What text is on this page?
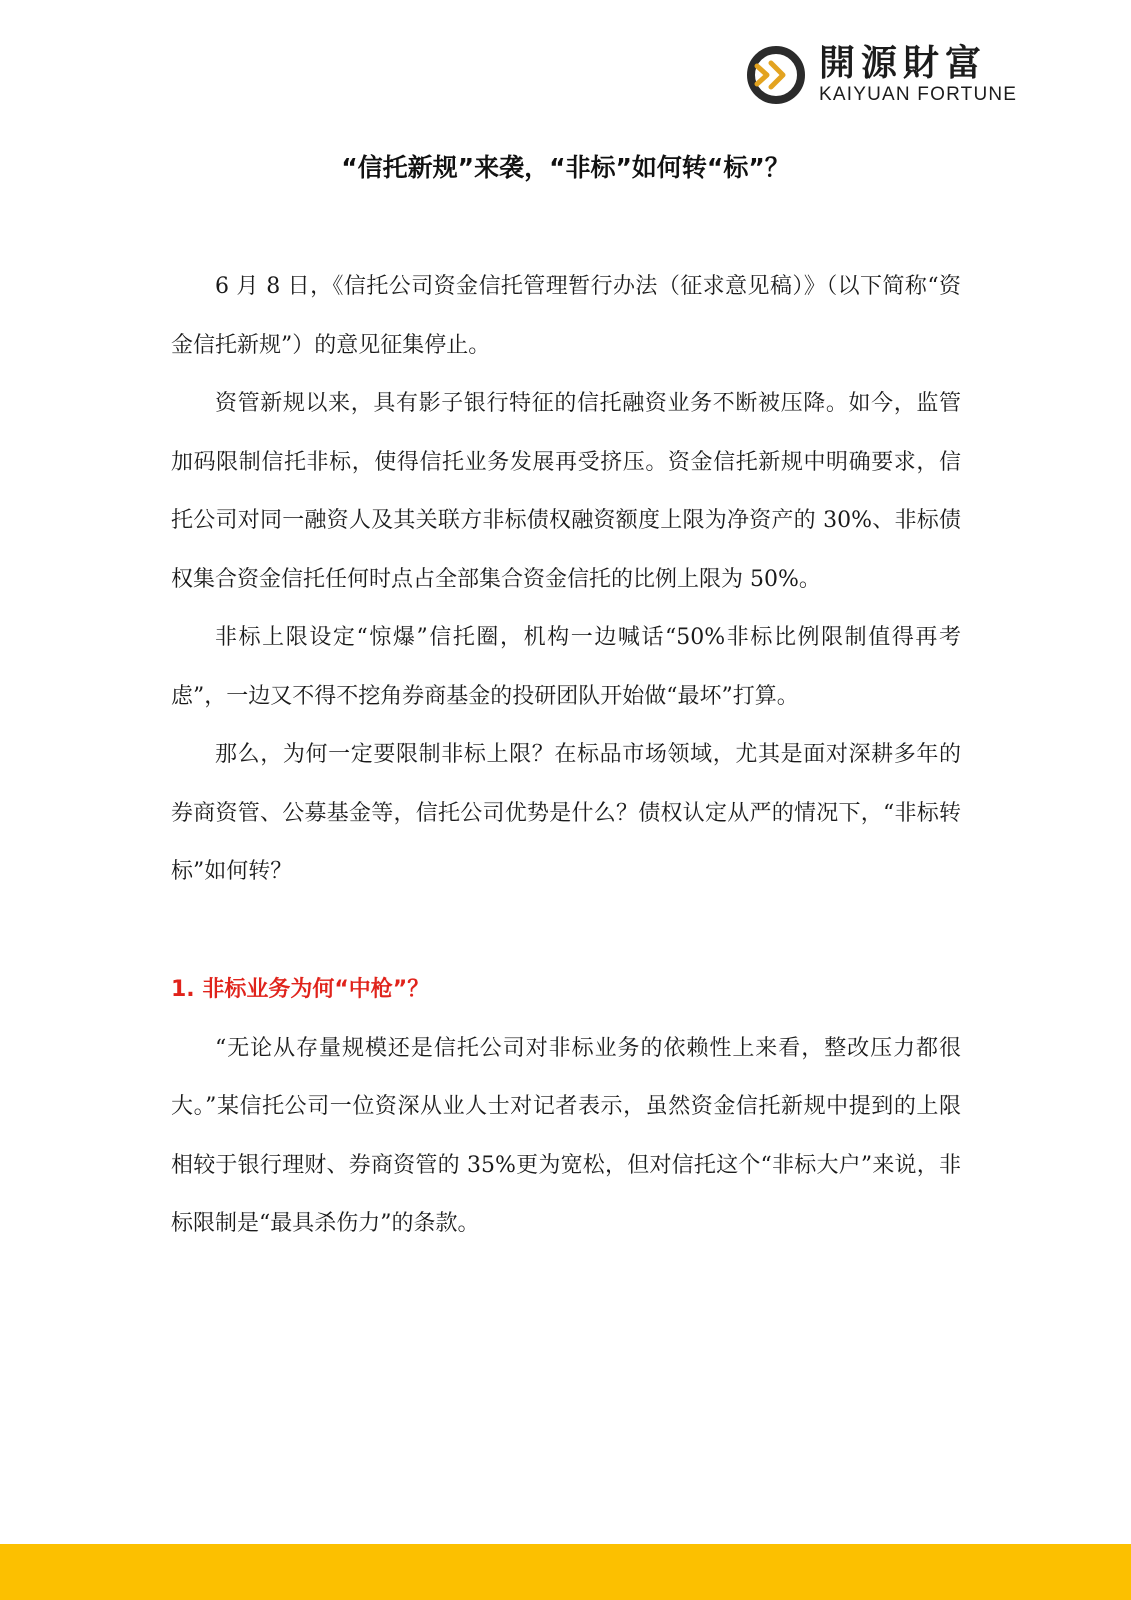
開源財富
KAIYUAN FORTUNE
“信托新规”来袭，“非标”如何转“标”？

6 月 8 日，《信托公司资金信托管理暂行办法（征求意见稿）》（以下简称“资金信托新规”）的意见征集停止。

资管新规以来，具有影子银行特征的信托融资业务不断被压降。如今，监管加码限制信托非标，使得信托业务发展再受挤压。资金信托新规中明确要求，信托公司对同一融资人及其关联方非标债权融资额度上限为净资产的 30%、非标债权集合资金信托任何时点占全部集合资金信托的比例上限为 50%。

非标上限设定“惊爆”信托圈，机构一边喊话“50%非标比例限制值得再考虑”，一边又不得不挖角券商基金的投研团队开始做“最坏”打算。

那么，为何一定要限制非标上限？在标品市场领域，尤其是面对深耕多年的券商资管、公募基金等，信托公司优势是什么？债权认定从严的情况下，“非标转标”如何转？

1. 非标业务为何“中枪”？

“无论从存量规模还是信托公司对非标业务的依赖性上来看，整改压力都很大。”某信托公司一位资深从业人士对记者表示，虽然资金信托新规中提到的上限相较于银行理财、券商资管的 35%更为宽松，但对信托这个“非标大户”来说，非标限制是“最具杀伤力”的条款。
